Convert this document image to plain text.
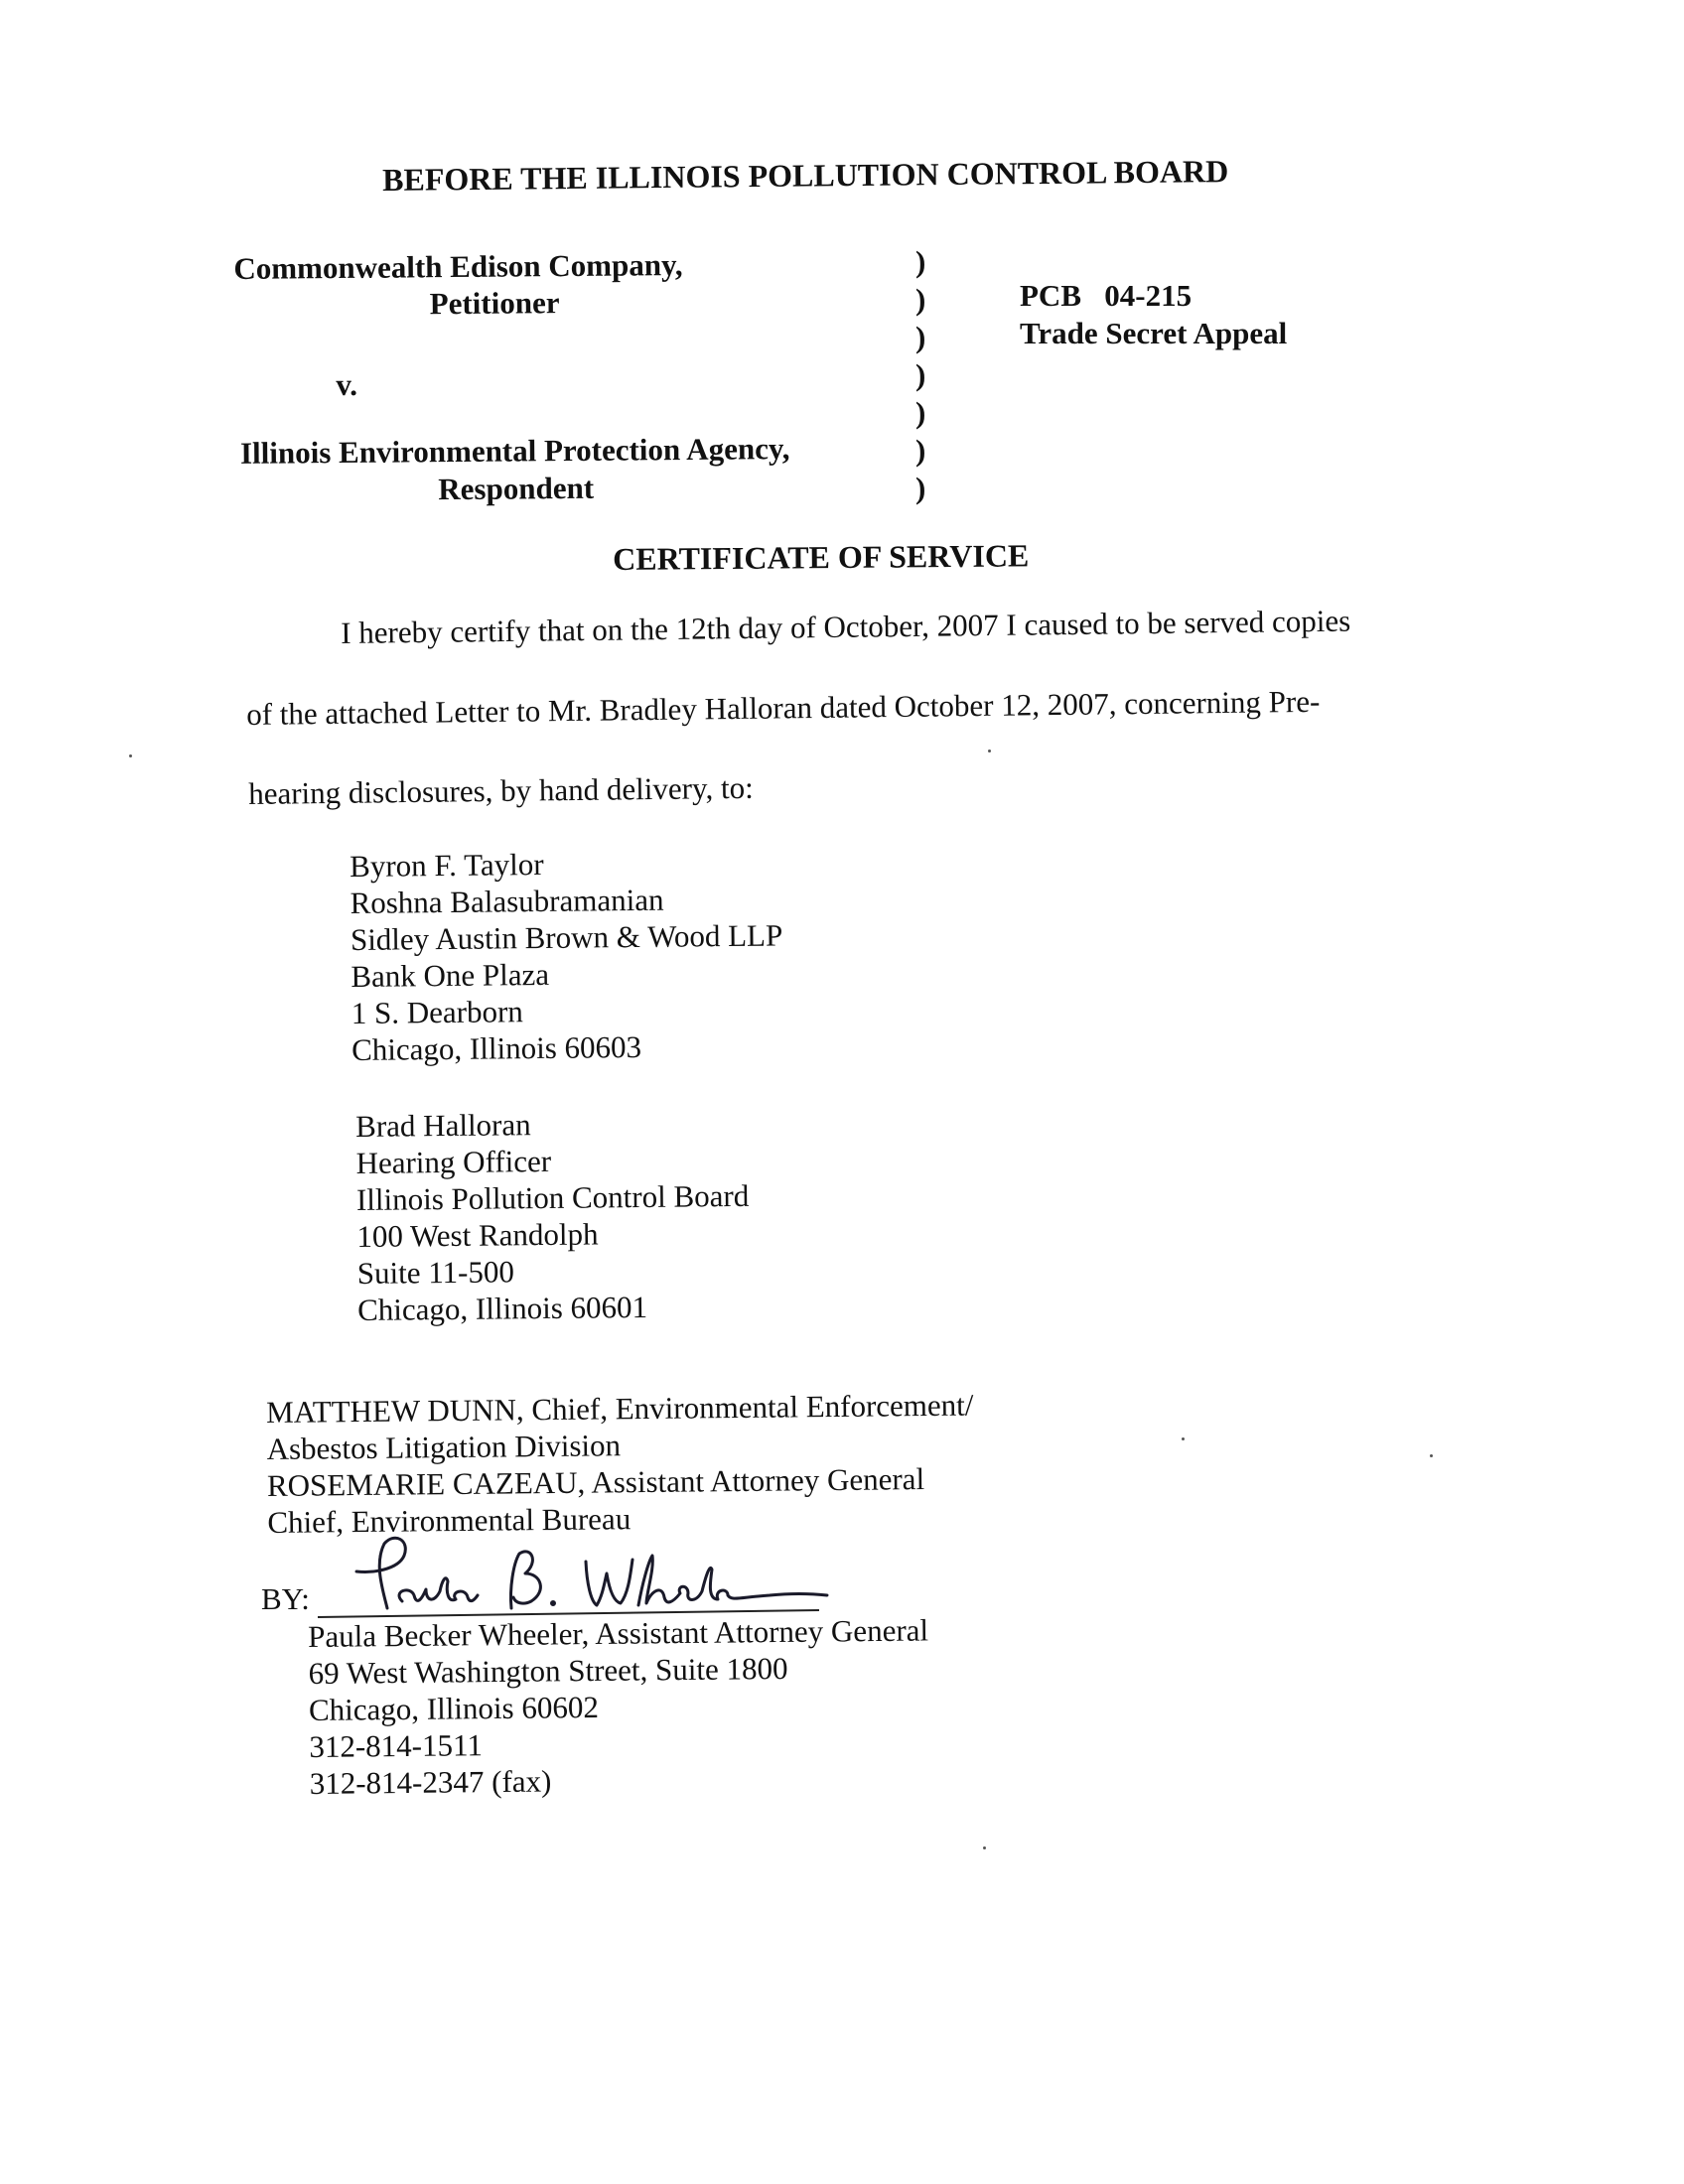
BEFORE THE ILLINOIS POLLUTION CONTROL BOARD
Commonwealth Edison Company,
Petitioner
v.
Illinois Environmental Protection Agency,
Respondent
)
)
)
)
)
)
)
PCB   04-215
Trade Secret Appeal
CERTIFICATE OF SERVICE
I hereby certify that on the 12th day of October, 2007 I caused to be served copies
of the attached Letter to Mr. Bradley Halloran dated October 12, 2007, concerning Pre-
hearing disclosures, by hand delivery, to:
Byron F. Taylor
Roshna Balasubramanian
Sidley Austin Brown & Wood LLP
Bank One Plaza
1 S. Dearborn
Chicago, Illinois 60603
Brad Halloran
Hearing Officer
Illinois Pollution Control Board
100 West Randolph
Suite 11-500
Chicago, Illinois 60601
MATTHEW DUNN, Chief, Environmental Enforcement/
Asbestos Litigation Division
ROSEMARIE CAZEAU, Assistant Attorney General
Chief, Environmental Bureau
BY:
Paula Becker Wheeler, Assistant Attorney General
69 West Washington Street, Suite 1800
Chicago, Illinois 60602
312-814-1511
312-814-2347 (fax)
